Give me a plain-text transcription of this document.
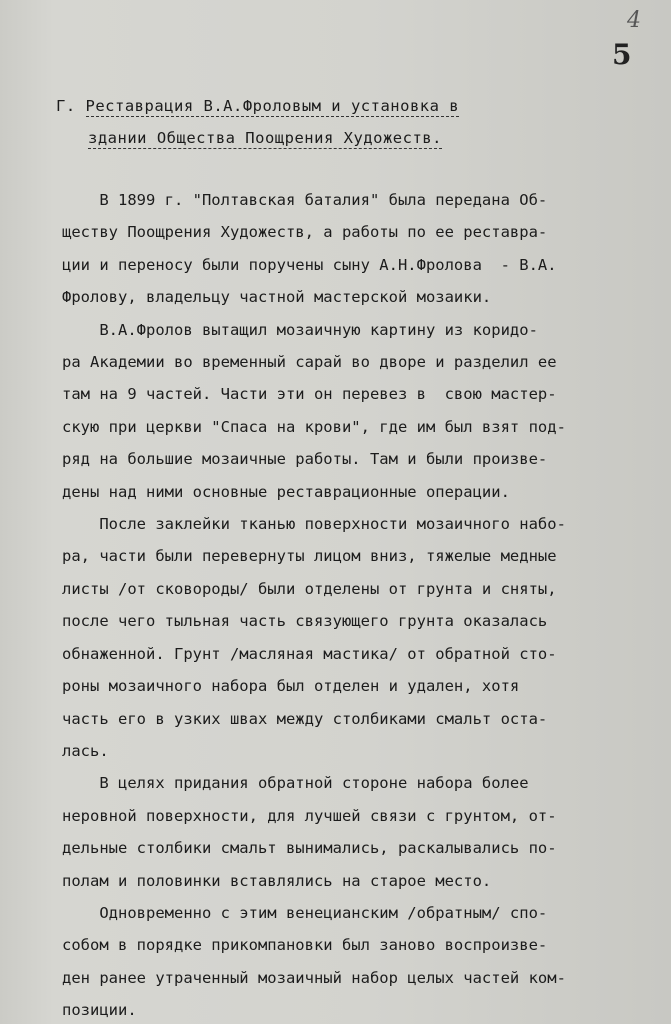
4
5
Г. Реставрация В.А.Фроловым и установка в
здании Общества Поощрения Художеств.
В 1899 г. "Полтавская баталия" была передана Об-
ществу Поощрения Художеств, а работы по ее реставра-
ции и переносу были поручены сыну А.Н.Фролова  - В.А.
Фролову, владельцу частной мастерской мозаики.
В.А.Фролов вытащил мозаичную картину из коридо-
ра Академии во временный сарай во дворе и разделил ее
там на 9 частей. Части эти он перевез в  свою мастер-
скую при церкви "Спаса на крови", где им был взят под-
ряд на большие мозаичные работы. Там и были произве-
дены над ними основные реставрационные операции.
После заклейки тканью поверхности мозаичного набо-
ра, части были перевернуты лицом вниз, тяжелые медные
листы /от сковороды/ были отделены от грунта и сняты,
после чего тыльная часть связующего грунта оказалась
обнаженной. Грунт /масляная мастика/ от обратной сто-
роны мозаичного набора был отделен и удален, хотя
часть его в узких швах между столбиками смальт оста-
лась.
В целях придания обратной стороне набора более
неровной поверхности, для лучшей связи с грунтом, от-
дельные столбики смальт вынимались, раскалывались по-
полам и половинки вставлялись на старое место.
Одновременно с этим венецианским /обратным/ спо-
собом в порядке прикомпановки был заново воспроизве-
ден ранее утраченный мозаичный набор целых частей ком-
позиции.
